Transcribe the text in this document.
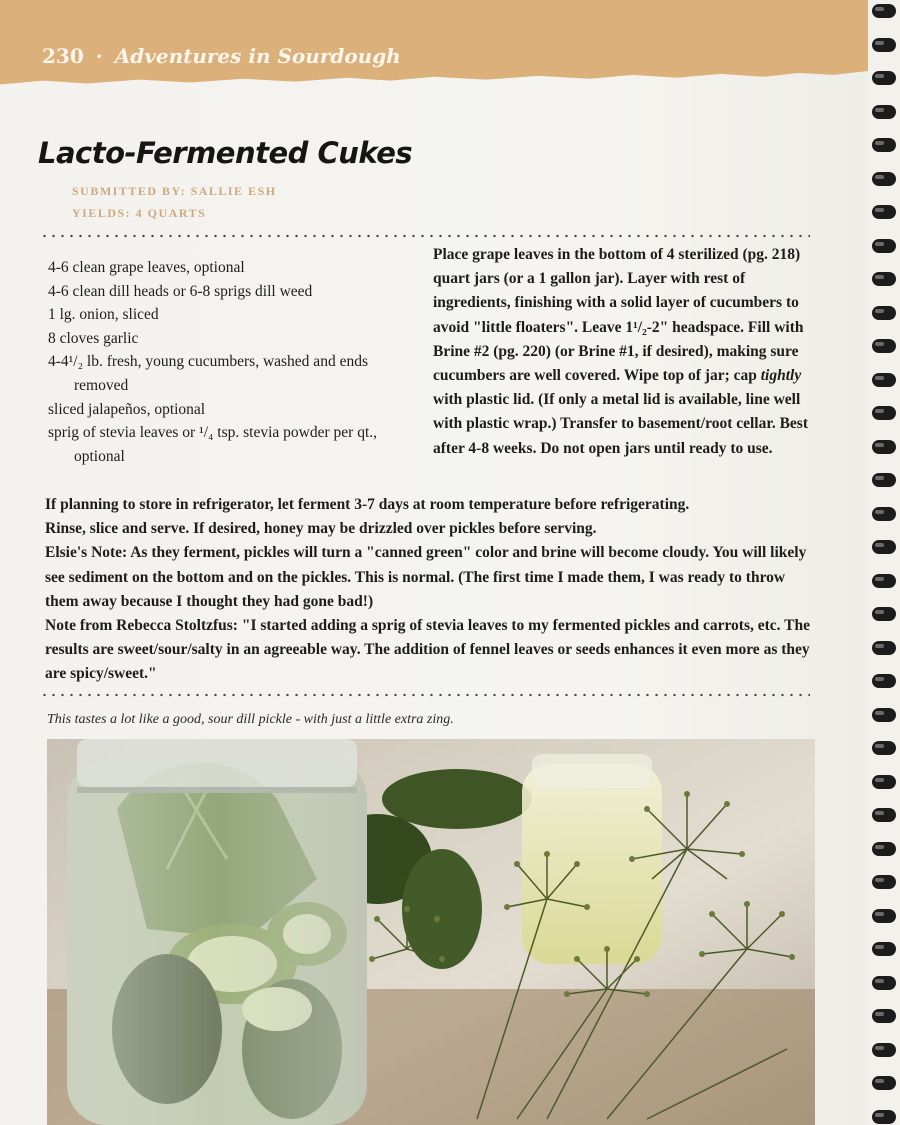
230 · Adventures in Sourdough
Lacto-Fermented Cukes
SUBMITTED BY: SALLIE ESH
YIELDS: 4 QUARTS
4-6 clean grape leaves, optional
4-6 clean dill heads or 6-8 sprigs dill weed
1 lg. onion, sliced
8 cloves garlic
4-4¹/₂ lb. fresh, young cucumbers, washed and ends removed
sliced jalapeños, optional
sprig of stevia leaves or ¹/₄ tsp. stevia powder per qt., optional
Place grape leaves in the bottom of 4 sterilized (pg. 218) quart jars (or a 1 gallon jar). Layer with rest of ingredients, finishing with a solid layer of cucumbers to avoid "little floaters". Leave 1¹/₂-2" headspace. Fill with Brine #2 (pg. 220) (or Brine #1, if desired), making sure cucumbers are well covered. Wipe top of jar; cap tightly with plastic lid. (If only a metal lid is available, line well with plastic wrap.) Transfer to basement/root cellar. Best after 4-8 weeks. Do not open jars until ready to use.

If planning to store in refrigerator, let ferment 3-7 days at room temperature before refrigerating.

Rinse, slice and serve. If desired, honey may be drizzled over pickles before serving.

Elsie's Note: As they ferment, pickles will turn a "canned green" color and brine will become cloudy. You will likely see sediment on the bottom and on the pickles. This is normal. (The first time I made them, I was ready to throw them away because I thought they had gone bad!)

Note from Rebecca Stoltzfus: "I started adding a sprig of stevia leaves to my fermented pickles and carrots, etc. The results are sweet/sour/salty in an agreeable way. The addition of fennel leaves or seeds enhances it even more as they are spicy/sweet."

This tastes a lot like a good, sour dill pickle - with just a little extra zing.
